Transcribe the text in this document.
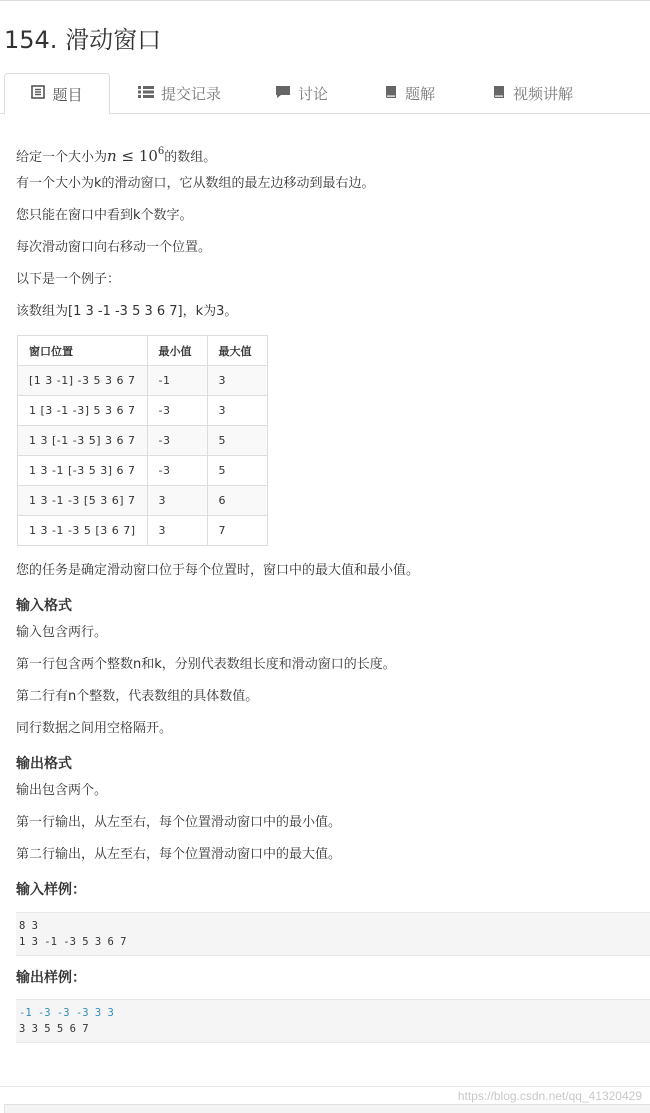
154. 滑动窗口
题目	提交记录	讨论	题解	视频讲解
给定一个大小为$n \le 10^6$的数组。
有一个大小为k的滑动窗口，它从数组的最左边移动到最右边。
您只能在窗口中看到k个数字。
每次滑动窗口向右移动一个位置。
以下是一个例子：
该数组为[1 3 -1 -3 5 3 6 7]，k为3。
窗口位置	最小值	最大值
[1 3 -1] -3 5 3 6 7	-1	3
1 [3 -1 -3] 5 3 6 7	-3	3
1 3 [-1 -3 5] 3 6 7	-3	5
1 3 -1 [-3 5 3] 6 7	-3	5
1 3 -1 -3 [5 3 6] 7	3	6
1 3 -1 -3 5 [3 6 7]	3	7
您的任务是确定滑动窗口位于每个位置时，窗口中的最大值和最小值。
输入格式
输入包含两行。
第一行包含两个整数n和k，分别代表数组长度和滑动窗口的长度。
第二行有n个整数，代表数组的具体数值。
同行数据之间用空格隔开。
输出格式
输出包含两个。
第一行输出，从左至右，每个位置滑动窗口中的最小值。
第二行输出，从左至右，每个位置滑动窗口中的最大值。
输入样例：
8 3
1 3 -1 -3 5 3 6 7
输出样例：
-1 -3 -3 -3 3 3
3 3 5 5 6 7
https://blog.csdn.net/qq_41320429
